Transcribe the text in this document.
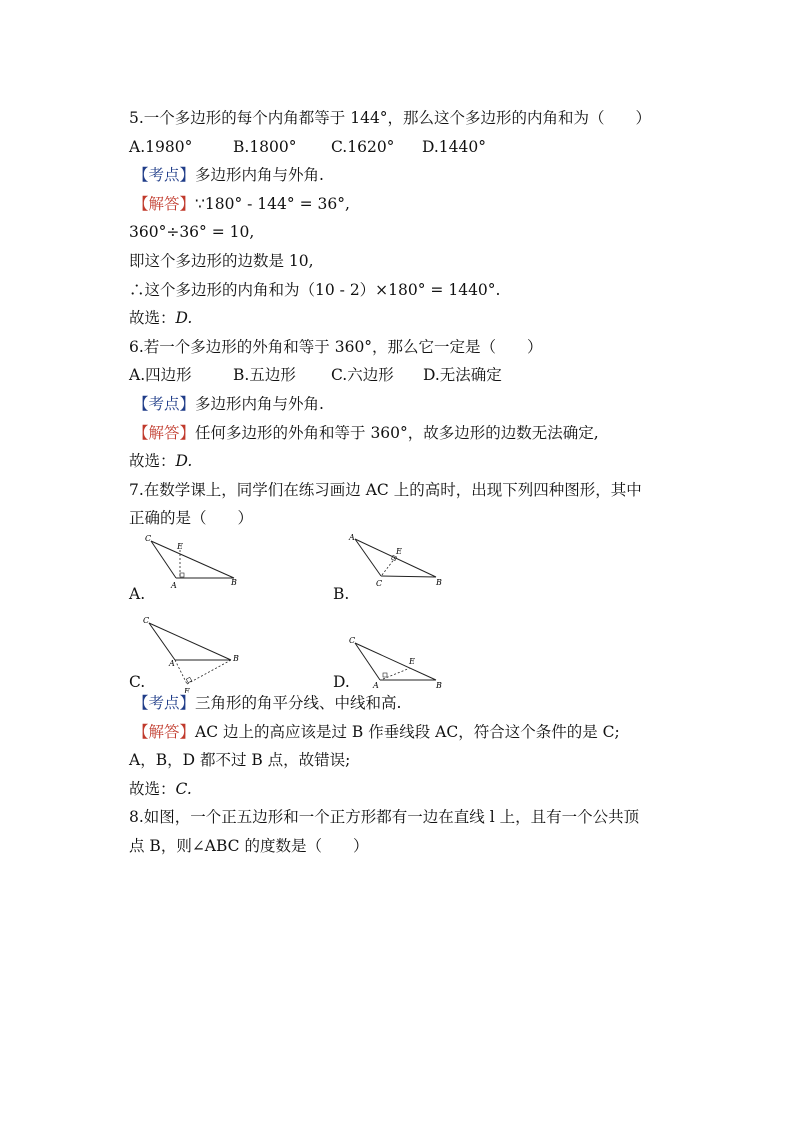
5.一个多边形的每个内角都等于 144°，那么这个多边形的内角和为（　　）
A.1980°	B.1800° C.1620° D.1440°
【考点】多边形内角与外角.
【解答】∵180° - 144° = 36°,
360°÷36° = 10,
即这个多边形的边数是 10,
∴这个多边形的内角和为（10 - 2）×180° = 1440°.
故选：D.
6.若一个多边形的外角和等于 360°，那么它一定是（　　）
A.四边形	B.五边形 C.六边形 D.无法确定
【考点】多边形内角与外角.
【解答】任何多边形的外角和等于 360°，故多边形的边数无法确定,
故选：D.
7.在数学课上，同学们在练习画边 AC 上的高时，出现下列四种图形，其中
正确的是（　　）
A.
C
E
A	B
B.
A
E
C	B
C.
C
A
B
E
D.
C
E
A	B
【考点】三角形的角平分线、中线和高.
【解答】AC 边上的高应该是过 B 作垂线段 AC，符合这个条件的是 C;
A，B，D 都不过 B 点，故错误;
故选：C.
8.如图，一个正五边形和一个正方形都有一边在直线 l 上，且有一个公共顶
点 B，则∠ABC 的度数是（　　）
